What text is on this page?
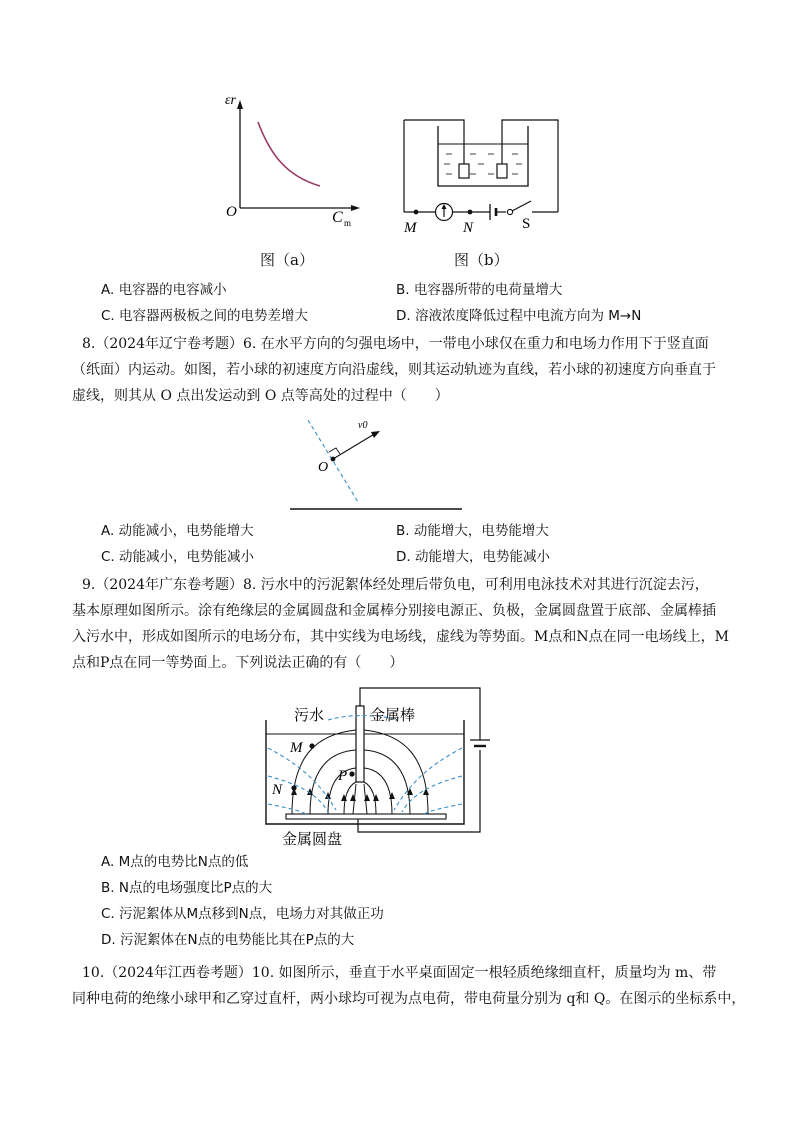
εr
O	C m
图（a）
M	N	S
图（b）
A. 电容器的电容减小	B. 电容器所带的电荷量增大
C. 电容器两极板之间的电势差增大	D. 溶液浓度降低过程中电流方向为 M→N
8.（2024年辽宁卷考题）6. 在水平方向的匀强电场中，一带电小球仅在重力和电场力作用下于竖直面
（纸面）内运动。如图，若小球的初速度方向沿虚线，则其运动轨迹为直线，若小球的初速度方向垂直于
虚线，则其从 O 点出发运动到 O 点等高处的过程中（　　）
O
v0
A. 动能减小，电势能增大	B. 动能增大，电势能增大
C. 动能减小，电势能减小	D. 动能增大，电势能减小
9.（2024年广东卷考题）8. 污水中的污泥絮体经处理后带负电，可利用电泳技术对其进行沉淀去污，
基本原理如图所示。涂有绝缘层的金属圆盘和金属棒分别接电源正、负极，金属圆盘置于底部、金属棒插
入污水中，形成如图所示的电场分布，其中实线为电场线，虚线为等势面。M点和N点在同一电场线上，M
点和P点在同一等势面上。下列说法正确的有（　　）
M
N
P
污水	金属棒
金属圆盘
A. M点的电势比N点的低
B. N点的电场强度比P点的大
C. 污泥絮体从M点移到N点，电场力对其做正功
D. 污泥絮体在N点的电势能比其在P点的大
10.（2024年江西卷考题）10. 如图所示，垂直于水平桌面固定一根轻质绝缘细直杆，质量均为 m、带
同种电荷的绝缘小球甲和乙穿过直杆，两小球均可视为点电荷，带电荷量分别为 q和 Q。在图示的坐标系中，
